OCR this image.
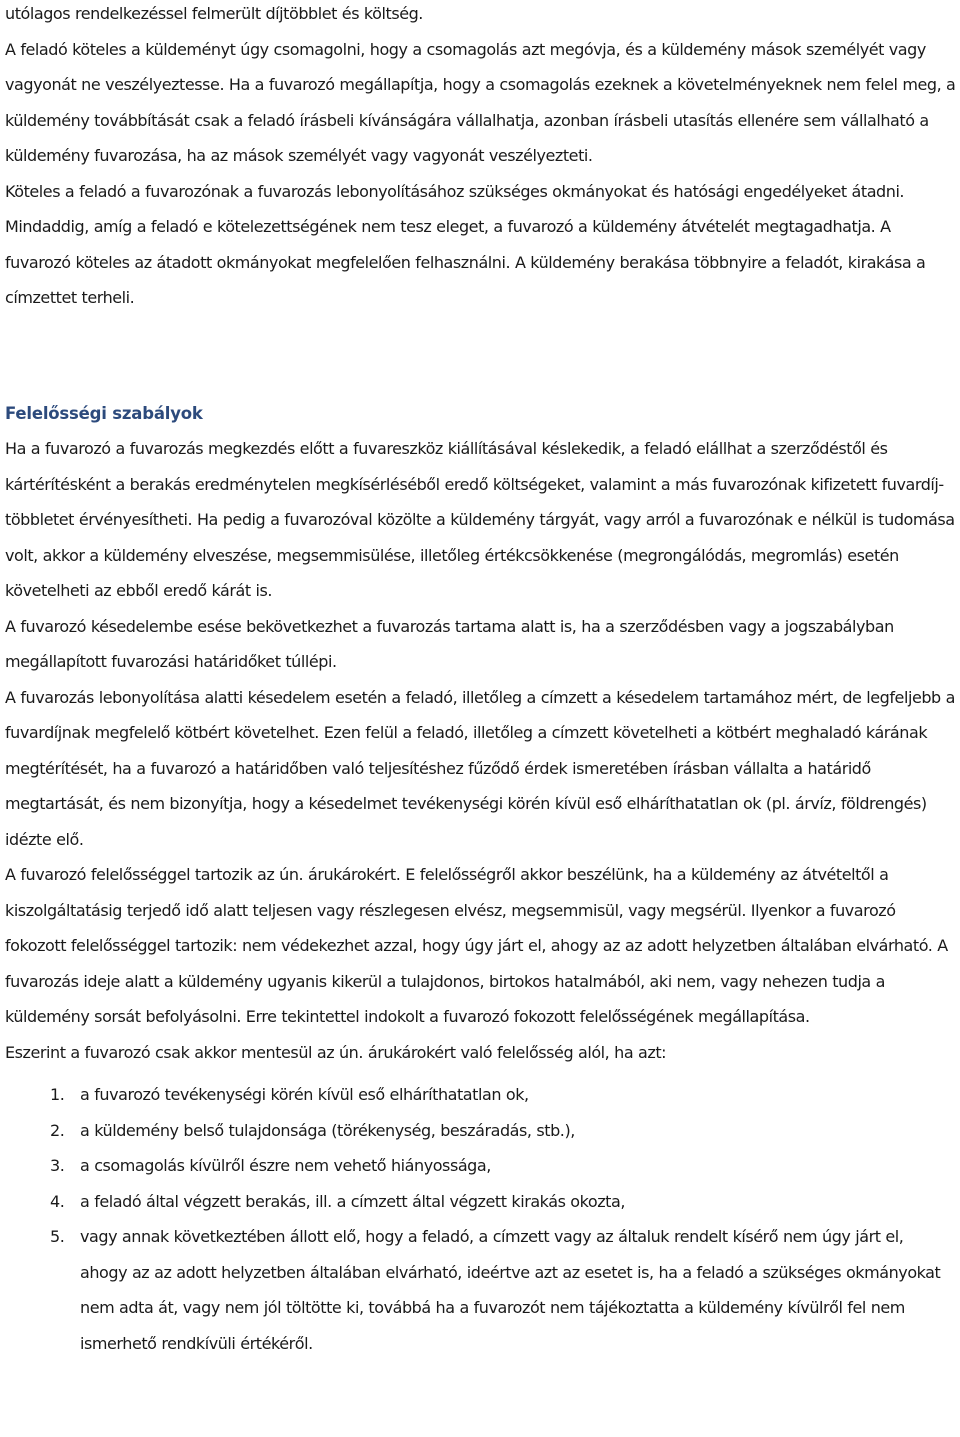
utólagos rendelkezéssel felmerült díjtöbblet és költség.

A feladó köteles a küldeményt úgy csomagolni, hogy a csomagolás azt megóvja, és a küldemény mások személyét vagy vagyonát ne veszélyeztesse. Ha a fuvarozó megállapítja, hogy a csomagolás ezeknek a követelményeknek nem felel meg, a küldemény továbbítását csak a feladó írásbeli kívánságára vállalhatja, azonban írásbeli utasítás ellenére sem vállalható a küldemény fuvarozása, ha az mások személyét vagy vagyonát veszélyezteti.

Köteles a feladó a fuvarozónak a fuvarozás lebonyolításához szükséges okmányokat és hatósági engedélyeket átadni. Mindaddig, amíg a feladó e kötelezettségének nem tesz eleget, a fuvarozó a küldemény átvételét megtagadhatja. A fuvarozó köteles az átadott okmányokat megfelelően felhasználni. A küldemény berakása többnyire a feladót, kirakása a címzettet terheli.

Felelősségi szabályok

Ha a fuvarozó a fuvarozás megkezdés előtt a fuvareszköz kiállításával késlekedik, a feladó elállhat a szerződéstől és kártérítésként a berakás eredménytelen megkísérléséből eredő költségeket, valamint a más fuvarozónak kifizetett fuvardíj-többletet érvényesítheti. Ha pedig a fuvarozóval közölte a küldemény tárgyát, vagy arról a fuvarozónak e nélkül is tudomása volt, akkor a küldemény elveszése, megsemmisülése, illetőleg értékcsökkenése (megrongálódás, megromlás) esetén követelheti az ebből eredő kárát is.

A fuvarozó késedelembe esése bekövetkezhet a fuvarozás tartama alatt is, ha a szerződésben vagy a jogszabályban megállapított fuvarozási határidőket túllépi.

A fuvarozás lebonyolítása alatti késedelem esetén a feladó, illetőleg a címzett a késedelem tartamához mért, de legfeljebb a fuvardíjnak megfelelő kötbért követelhet. Ezen felül a feladó, illetőleg a címzett követelheti a kötbért meghaladó kárának megtérítését, ha a fuvarozó a határidőben való teljesítéshez fűződő érdek ismeretében írásban vállalta a határidő megtartását, és nem bizonyítja, hogy a késedelmet tevékenységi körén kívül eső elháríthatatlan ok (pl. árvíz, földrengés) idézte elő.

A fuvarozó felelősséggel tartozik az ún. árukárokért. E felelősségről akkor beszélünk, ha a küldemény az átvételtől a kiszolgáltatásig terjedő idő alatt teljesen vagy részlegesen elvész, megsemmisül, vagy megsérül. Ilyenkor a fuvarozó fokozott felelősséggel tartozik: nem védekezhet azzal, hogy úgy járt el, ahogy az az adott helyzetben általában elvárható. A fuvarozás ideje alatt a küldemény ugyanis kikerül a tulajdonos, birtokos hatalmából, aki nem, vagy nehezen tudja a küldemény sorsát befolyásolni. Erre tekintettel indokolt a fuvarozó fokozott felelősségének megállapítása.

Eszerint a fuvarozó csak akkor mentesül az ún. árukárokért való felelősség alól, ha azt:

1. a fuvarozó tevékenységi körén kívül eső elháríthatatlan ok,
2. a küldemény belső tulajdonsága (törékenység, beszáradás, stb.),
3. a csomagolás kívülről észre nem vehető hiányossága,
4. a feladó által végzett berakás, ill. a címzett által végzett kirakás okozta,
5. vagy annak következtében állott elő, hogy a feladó, a címzett vagy az általuk rendelt kísérő nem úgy járt el, ahogy az az adott helyzetben általában elvárható, ideértve azt az esetet is, ha a feladó a szükséges okmányokat nem adta át, vagy nem jól töltötte ki, továbbá ha a fuvarozót nem tájékoztatta a küldemény kívülről fel nem ismerhető rendkívüli értékéről.
